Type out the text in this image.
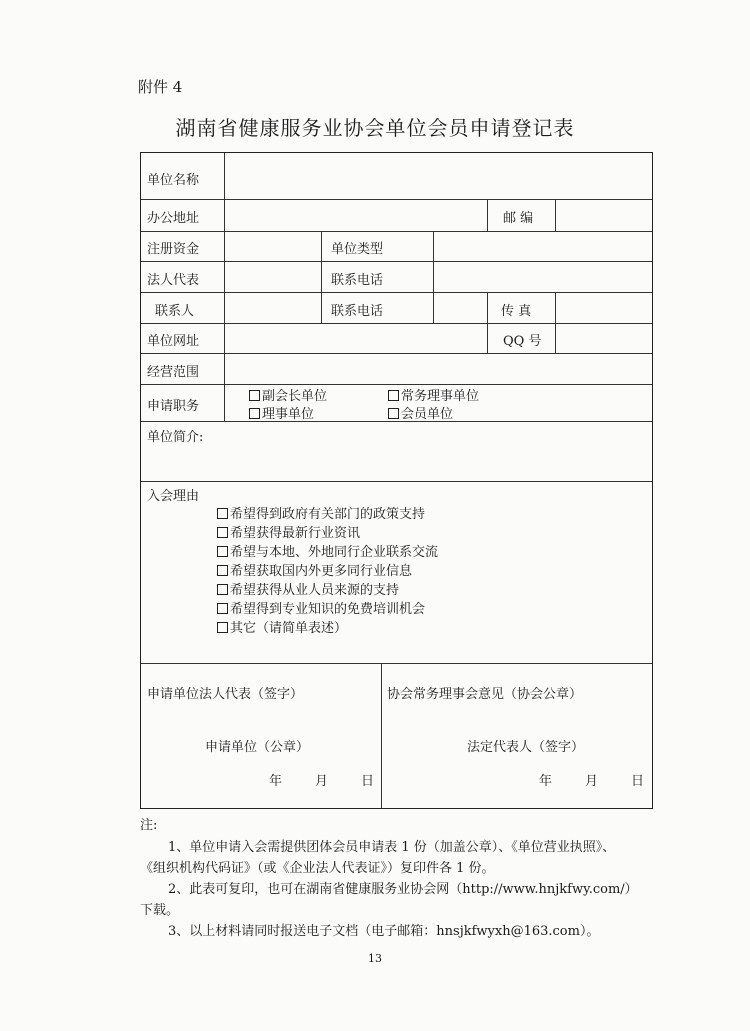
附件 4
湖南省健康服务业协会单位会员申请登记表
单位名称
办公地址	邮 编
注册资金	单位类型
法人代表	联系电话
联系人	联系电话	传 真
单位网址	QQ 号
经营范围
申请职务
副会长单位	常务理事单位
理事单位	会员单位
单位简介:
入会理由
希望得到政府有关部门的政策支持
希望获得最新行业资讯
希望与本地、外地同行企业联系交流
希望获取国内外更多同行业信息
希望获得从业人员来源的支持
希望得到专业知识的免费培训机会
其它（请简单表述）
申请单位法人代表（签字）
申请单位（公章）
年	月	日
协会常务理事会意见（协会公章）
法定代表人（签字）
年	月	日
注:
1、单位申请入会需提供团体会员申请表 1 份（加盖公章）、《单位营业执照》、
《组织机构代码证》（或《企业法人代表证》）复印件各 1 份。
2、此表可复印，也可在湖南省健康服务业协会网（http://www.hnjkfwy.com/）
下载。
3、以上材料请同时报送电子文档（电子邮箱：hnsjkfwyxh@163.com）。
13
